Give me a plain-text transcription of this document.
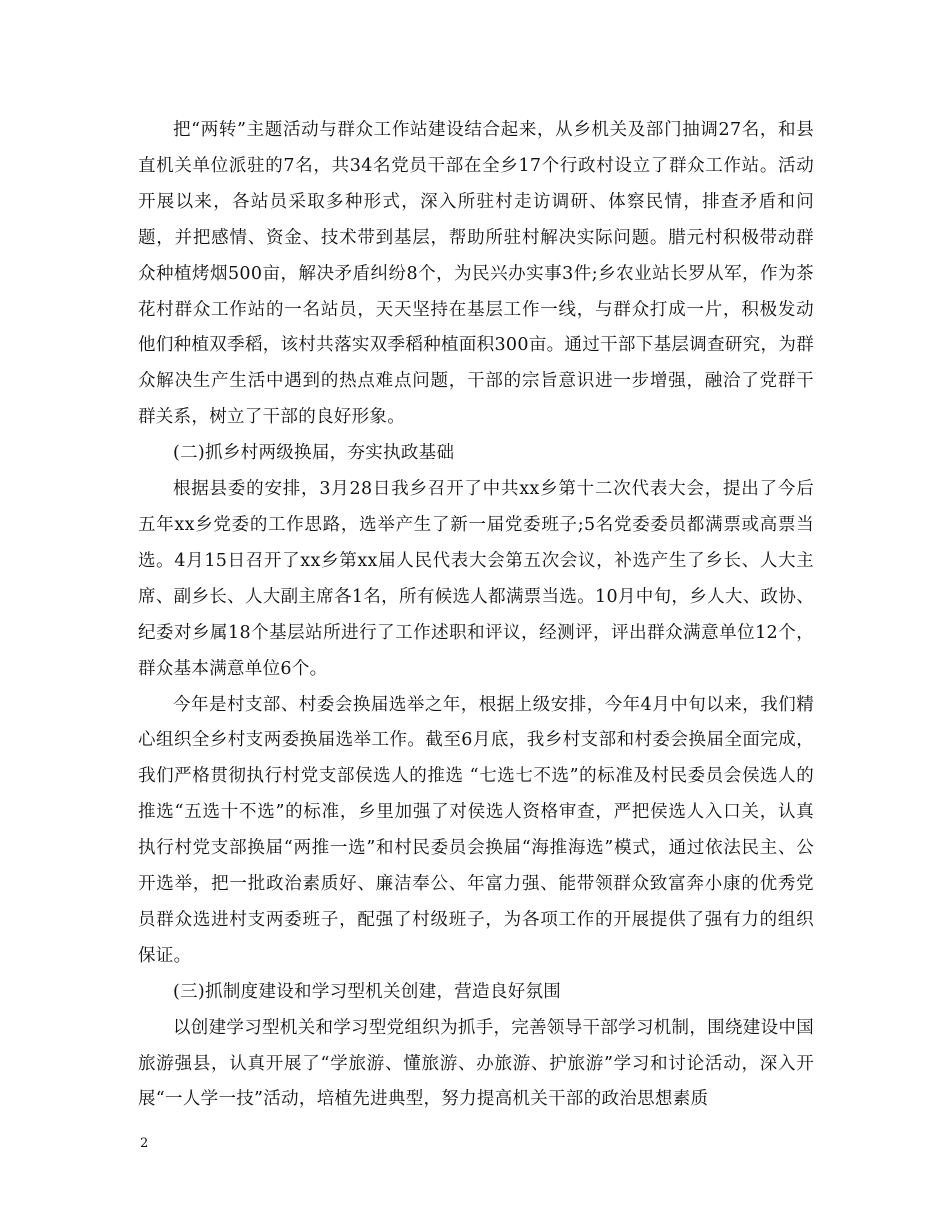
把“两转”主题活动与群众工作站建设结合起来，从乡机关及部门抽调27名，和县直机关单位派驻的7名，共34名党员干部在全乡17个行政村设立了群众工作站。活动开展以来，各站员采取多种形式，深入所驻村走访调研、体察民情，排查矛盾和问题，并把感情、资金、技术带到基层，帮助所驻村解决实际问题。腊元村积极带动群众种植烤烟500亩，解决矛盾纠纷8个，为民兴办实事3件;乡农业站长罗从军，作为茶花村群众工作站的一名站员，天天坚持在基层工作一线，与群众打成一片，积极发动他们种植双季稻，该村共落实双季稻种植面积300亩。通过干部下基层调查研究，为群众解决生产生活中遇到的热点难点问题，干部的宗旨意识进一步增强，融洽了党群干群关系，树立了干部的良好形象。

(二)抓乡村两级换届，夯实执政基础

根据县委的安排，3月28日我乡召开了中共xx乡第十二次代表大会，提出了今后五年xx乡党委的工作思路，选举产生了新一届党委班子;5名党委委员都满票或高票当选。4月15日召开了xx乡第xx届人民代表大会第五次会议，补选产生了乡长、人大主席、副乡长、人大副主席各1名，所有候选人都满票当选。10月中旬，乡人大、政协、纪委对乡属18个基层站所进行了工作述职和评议，经测评，评出群众满意单位12个，群众基本满意单位6个。

今年是村支部、村委会换届选举之年，根据上级安排，今年4月中旬以来，我们精心组织全乡村支两委换届选举工作。截至6月底，我乡村支部和村委会换届全面完成，我们严格贯彻执行村党支部侯选人的推选 “七选七不选”的标准及村民委员会侯选人的推选“五选十不选”的标准，乡里加强了对侯选人资格审查，严把侯选人入口关，认真执行村党支部换届“两推一选”和村民委员会换届“海推海选”模式，通过依法民主、公开选举，把一批政治素质好、廉洁奉公、年富力强、能带领群众致富奔小康的优秀党员群众选进村支两委班子，配强了村级班子，为各项工作的开展提供了强有力的组织保证。

(三)抓制度建设和学习型机关创建，营造良好氛围

以创建学习型机关和学习型党组织为抓手，完善领导干部学习机制，围绕建设中国旅游强县，认真开展了“学旅游、懂旅游、办旅游、护旅游”学习和讨论活动，深入开展“一人学一技”活动，培植先进典型，努力提高机关干部的政治思想素质

2
